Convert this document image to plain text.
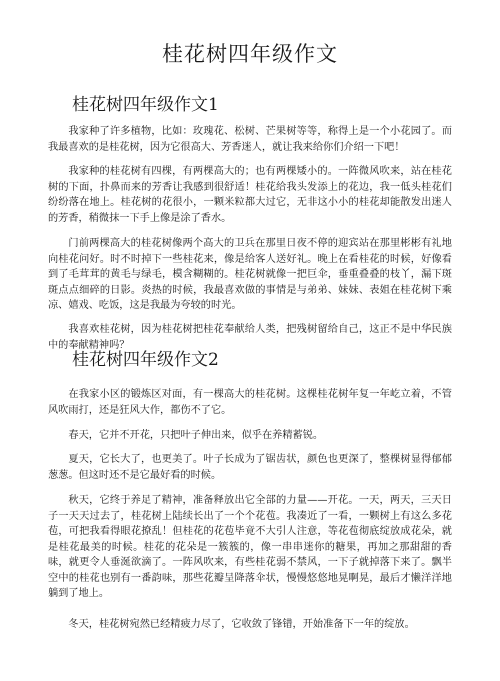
桂花树四年级作文
桂花树四年级作文1

我家种了许多植物，比如：玫瑰花、松树、芒果树等等，称得上是一个小花园了。而我最喜欢的是桂花树，因为它很高大、芳香迷人，就让我来给你们介绍一下吧！

我家种的桂花树有四棵，有两棵高大的；也有两棵矮小的。一阵微风吹来，站在桂花树的下面，扑鼻而来的芳香让我感到很舒适！桂花给我头发添上的花边，我一低头桂花们纷纷落在地上。桂花树的花很小，一颗米粒都大过它，无非这小小的桂花却能散发出迷人的芳香，稍微抹一下手上像是涂了香水。

门前两棵高大的桂花树像两个高大的卫兵在那里日夜不停的迎宾站在那里彬彬有礼地向桂花问好。时不时掉下一些桂花来，像是给客人送好礼。晚上在看桂花的时候，好像看到了毛茸茸的黄毛与绿毛，模含糊糊的。桂花树就像一把巨伞，垂重叠叠的枝丫，漏下斑斑点点细碎的日影。炎热的时候，我最喜欢做的事情是与弟弟、妹妹、表姐在桂花树下乘凉、嬉戏、吃饭，这是我最为夸较的时光。

我喜欢桂花树，因为桂花树把桂花奉献给人类，把残树留给自己，这正不是中华民族中的奉献精神吗？

桂花树四年级作文2

在我家小区的锻炼区对面，有一棵高大的桂花树。这棵桂花树年复一年屹立着，不管风吹雨打，还是狂风大作，都伤不了它。

春天，它并不开花，只把叶子伸出来，似乎在养精蓄锐。

夏天，它长大了，也更美了。叶子长成为了锯齿状，颜色也更深了，整棵树显得郁郁葱葱。但这时还不是它最好看的时候。

秋天，它终于养足了精神，准备释放出它全部的力量——开花。一天，两天，三天日子一天天过去了，桂花树上陆续长出了一个个花苞。我凑近了一看，一颗树上有这么多花苞，可把我看得眼花撩乱！但桂花的花苞毕竟不大引人注意，等花苞彻底绽放成花朵，就是桂花最美的时候。桂花的花朵是一簇簇的，像一串串迷你的糖果，再加之那甜甜的香味，就更令人垂涎欲滴了。一阵风吹来，有些桂花弱不禁风，一下子就掉落下来了。飘半空中的桂花也别有一番韵味，那些花瓣呈降落伞状，慢慢悠悠地晃啊晃，最后才懒洋洋地躺到了地上。

冬天，桂花树宛然已经精疲力尽了，它收敛了锋错，开始准备下一年的绽放。
